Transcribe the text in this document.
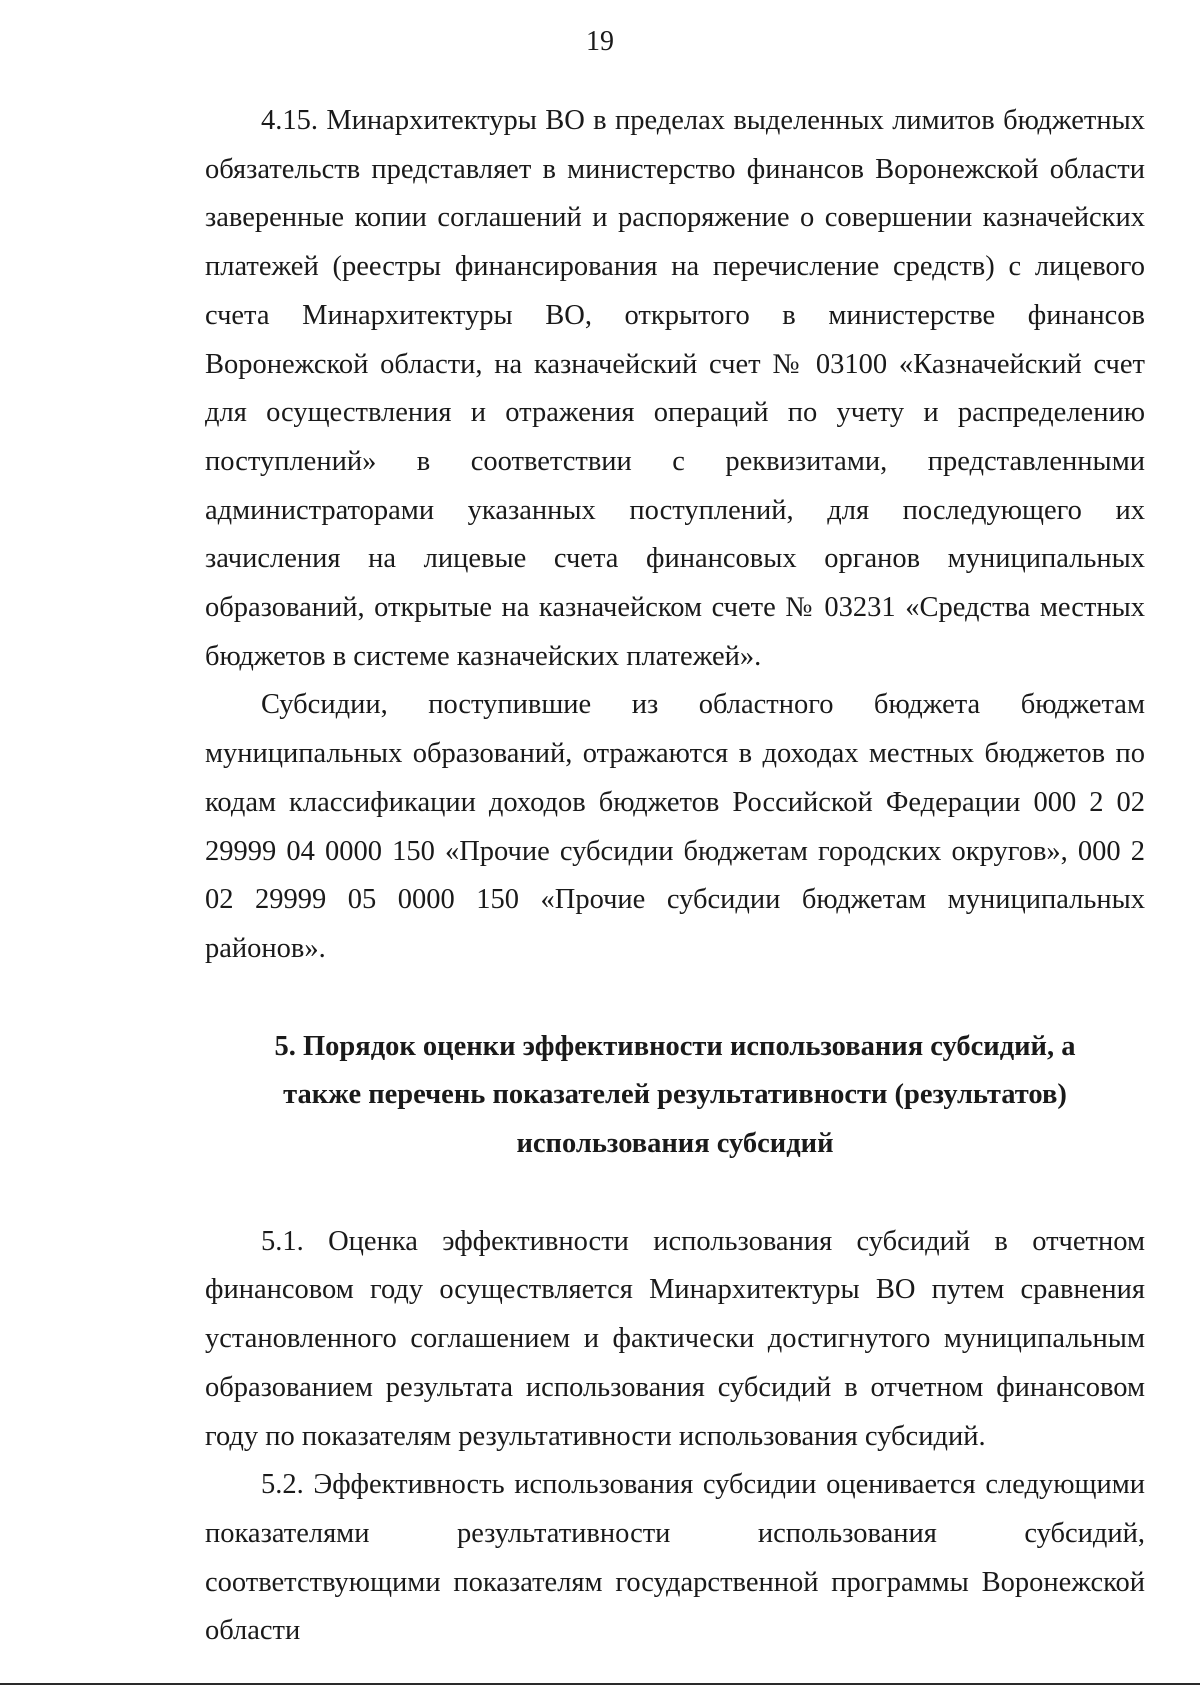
19

4.15. Минархитектуры ВО в пределах выделенных лимитов бюджетных обязательств представляет в министерство финансов Воронежской области заверенные копии соглашений и распоряжение о совершении казначейских платежей (реестры финансирования на перечисление средств) с лицевого счета Минархитектуры ВО, открытого в министерстве финансов Воронежской области, на казначейский счет № 03100 «Казначейский счет для осуществления и отражения операций по учету и распределению поступлений» в соответствии с реквизитами, представленными администраторами указанных поступлений, для последующего их зачисления на лицевые счета финансовых органов муниципальных образований, открытые на казначейском счете № 03231 «Средства местных бюджетов в системе казначейских платежей».

Субсидии, поступившие из областного бюджета бюджетам муниципальных образований, отражаются в доходах местных бюджетов по кодам классификации доходов бюджетов Российской Федерации 000 2 02 29999 04 0000 150 «Прочие субсидии бюджетам городских округов», 000 2 02 29999 05 0000 150 «Прочие субсидии бюджетам муниципальных районов».

5. Порядок оценки эффективности использования субсидий, а
также перечень показателей результативности (результатов)
использования субсидий

5.1. Оценка эффективности использования субсидий в отчетном финансовом году осуществляется Минархитектуры ВО путем сравнения установленного соглашением и фактически достигнутого муниципальным образованием результата использования субсидий в отчетном финансовом году по показателям результативности использования субсидий.

5.2. Эффективность использования субсидии оценивается следующими показателями результативности использования субсидий, соответствующими показателям государственной программы Воронежской области
